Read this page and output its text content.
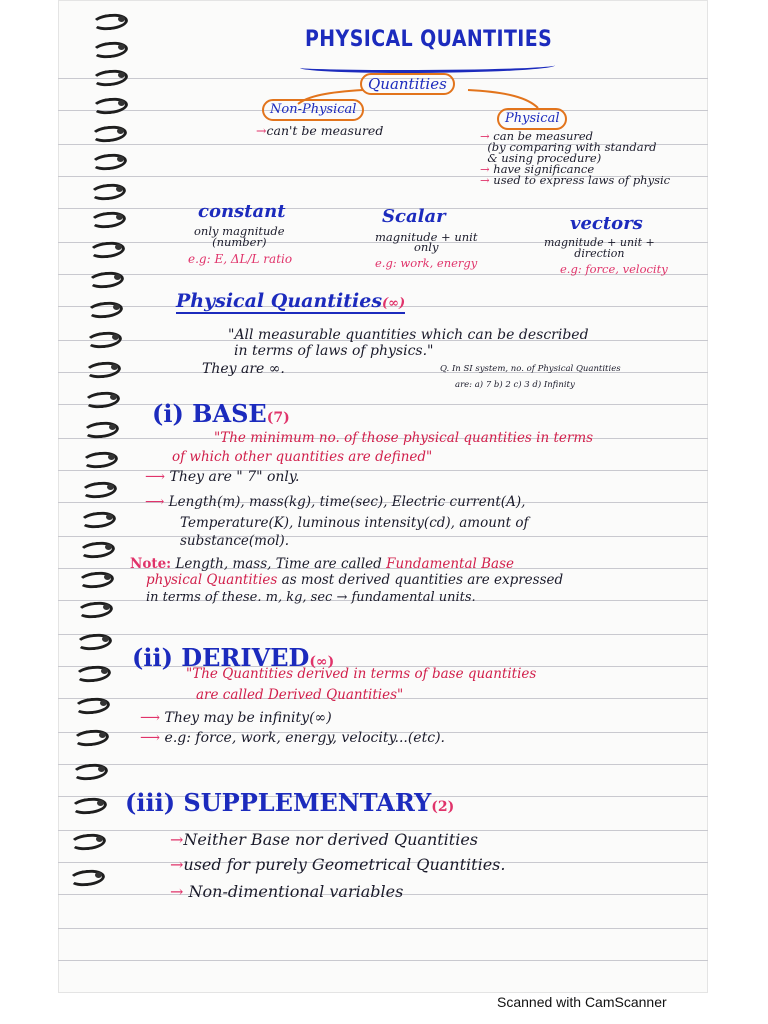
PHYSICAL QUANTITIES
Quantities
Non-Physical
→can't be measured
Physical
→ can be measured
(by comparing with standard
& using procedure)
→ have significance
→ used to express laws of physic
constant
only magnitude
(number)
e.g: E, ΔL/L ratio
Scalar
magnitude + unit
only
e.g: work, energy
vectors
magnitude + unit +
direction
e.g: force, velocity
Physical Quantities(∞)
"All measurable quantities which can be described
in terms of laws of physics."
They are ∞.	Q. In SI system, no. of Physical Quantities
are: a) 7 b) 2 c) 3 d) Infinity
(i) BASE(7)
"The minimum no. of those physical quantities in terms
of which other quantities are defined"
⟶ They are " 7" only.
⟶ Length(m), mass(kg), time(sec), Electric current(A),
Temperature(K), luminous intensity(cd), amount of
substance(mol).
Note: Length, mass, Time are called Fundamental Base
physical Quantities as most derived quantities are expressed
in terms of these. m, kg, sec → fundamental units.
(ii) DERIVED(∞)
"The Quantities derived in terms of base quantities
are called Derived Quantities"
⟶ They may be infinity(∞)
⟶ e.g: force, work, energy, velocity...(etc).
(iii) SUPPLEMENTARY(2)
→Neither Base nor derived Quantities
→used for purely Geometrical Quantities.
→ Non-dimentional variables
Scanned with CamScanner
